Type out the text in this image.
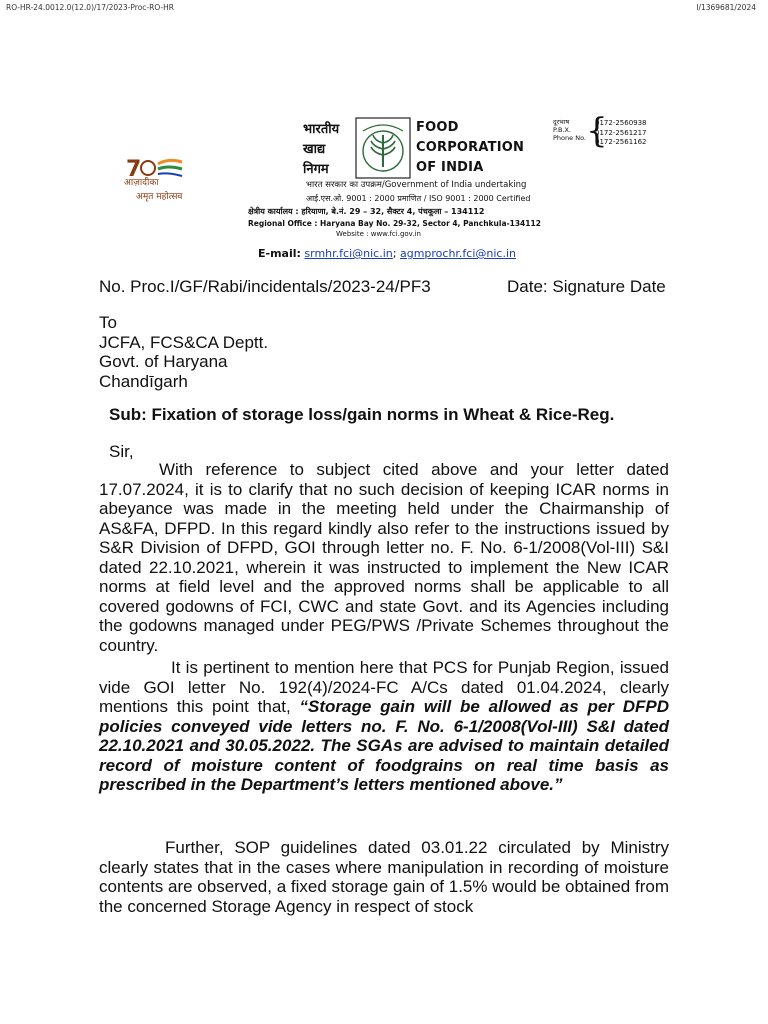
RO-HR-24.0012.0(12.0)/17/2023-Proc-RO-HR	I/1369681/2024
7
आज़ादीका
अमृत महोत्सव
भारतीय
खाद्य
निगम
FOOD
CORPORATION
OF INDIA
दूरभाष
P.B.X.
Phone No. {
0172-2560938
0172-2561217
0172-2561162
भारत सरकार का उपक्रम/Government of India undertaking
आई.एस.ओ. 9001 : 2000 प्रमाणित / ISO 9001 : 2000 Certified
क्षेत्रीय कार्यालय : हरियाणा, बे.नं. 29 – 32, सैक्टर 4, पंचकूला – 134112
Regional Office : Haryana Bay No. 29-32, Sector 4, Panchkula-134112
Website : www.fci.gov.in
E-mail: srmhr.fci@nic.in; agmprochr.fci@nic.in
No. Proc.I/GF/Rabi/incidentals/2023-24/PF3	Date: Signature Date
To
JCFA, FCS&CA Deptt.
Govt. of Haryana
Chandīgarh
Sub: Fixation of storage loss/gain norms in Wheat & Rice-Reg.
Sir,
With reference to subject cited above and your letter dated 17.07.2024, it is to clarify that no such decision of keeping ICAR norms in abeyance was made in the meeting held under the Chairmanship of AS&FA, DFPD. In this regard kindly also refer to the instructions issued by S&R Division of DFPD, GOI through letter no. F. No. 6-1/2008(Vol-III) S&I dated 22.10.2021, wherein it was instructed to implement the New ICAR norms at field level and the approved norms shall be applicable to all covered godowns of FCI, CWC and state Govt. and its Agencies including the godowns managed under PEG/PWS /Private Schemes throughout the country.
It is pertinent to mention here that PCS for Punjab Region, issued vide GOI letter No. 192(4)/2024-FC A/Cs dated 01.04.2024, clearly mentions this point that, “Storage gain will be allowed as per DFPD policies conveyed vide letters no. F. No. 6-1/2008(Vol-III) S&I dated 22.10.2021 and 30.05.2022. The SGAs are advised to maintain detailed record of moisture content of foodgrains on real time basis as prescribed in the Department’s letters mentioned above.”
Further, SOP guidelines dated 03.01.22 circulated by Ministry clearly states that in the cases where manipulation in recording of moisture contents are observed, a fixed storage gain of 1.5% would be obtained from the concerned Storage Agency in respect of stock
